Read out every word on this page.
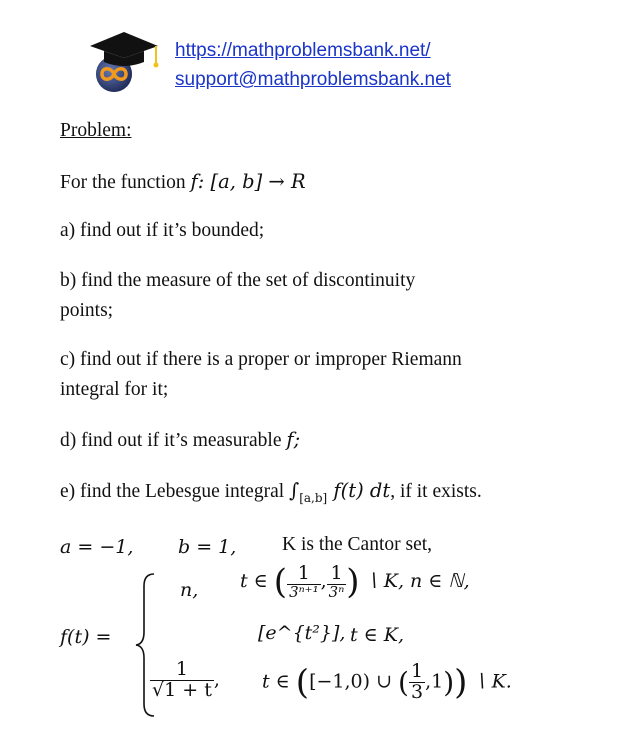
https://mathproblemsbank.net/
support@mathproblemsbank.net
Problem:
For the function f: [a, b] → R
a) find out if it’s bounded;
b) find the measure of the set of discontinuity
points;
c) find out if there is a proper or improper Riemann
integral for it;
d) find out if it’s measurable f;
e) find the Lebesgue integral $\int_{[a,b]}$ f(t) dt, if it exists.
a = −1, b = 1, K is the Cantor set,
f(t) =
n, t ∈ ( $\frac{1}{\text{3ⁿ⁺¹}}$ , $\frac{1}{\text{3ⁿ}}$ ) ∖ K, n ∈ ℕ,
[e^{t²}], t ∈ K,
$\frac{1}{√1 + t}$ , t ∈ ([−1,0) ∪ ( $\frac{1}{3} ,1$)) ∖ K.
